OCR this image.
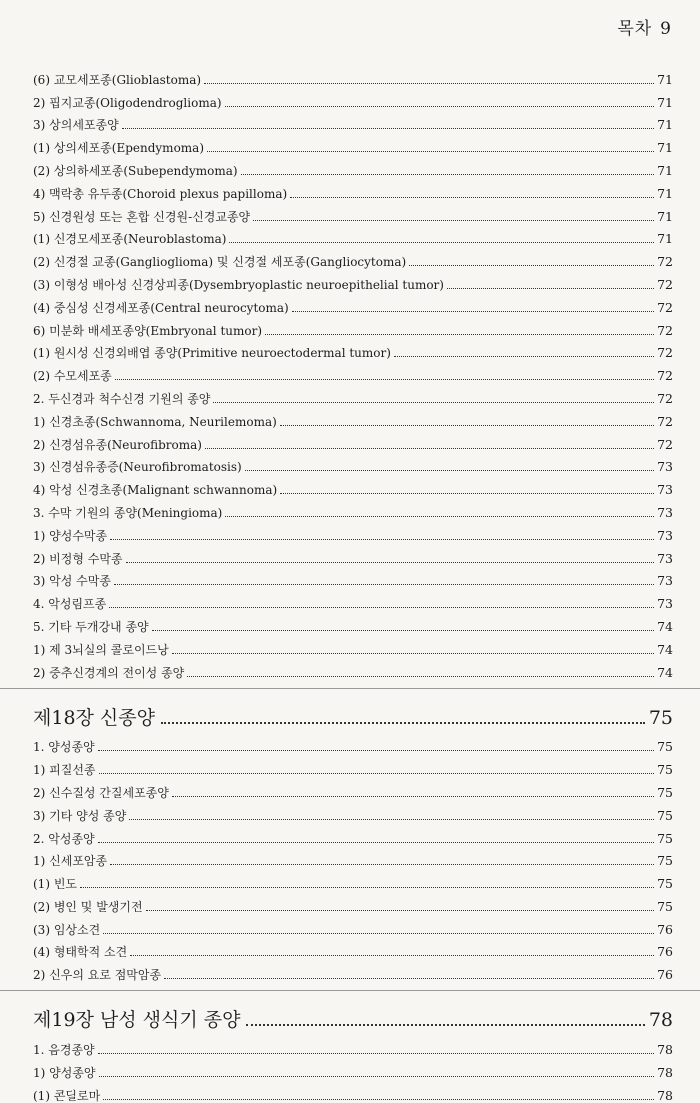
목차 9
(6) 교모세포종(Glioblastoma)	71
2) 핍지교종(Oligodendroglioma)	71
3) 상의세포종양	71
(1) 상의세포종(Ependymoma)	71
(2) 상의하세포종(Subependymoma)	71
4) 맥락총 유두종(Choroid plexus papilloma)	71
5) 신경원성 또는 혼합 신경원-신경교종양	71
(1) 신경모세포종(Neuroblastoma)	71
(2) 신경절 교종(Ganglioglioma) 및 신경절 세포종(Gangliocytoma)	72
(3) 이형성 배아성 신경상피종(Dysembryoplastic neuroepithelial tumor)	72
(4) 중심성 신경세포종(Central neurocytoma)	72
6) 미분화 배세포종양(Embryonal tumor)	72
(1) 원시성 신경외배엽 종양(Primitive neuroectodermal tumor)	72
(2) 수모세포종	72
2. 두신경과 척수신경 기원의 종양	72
1) 신경초종(Schwannoma, Neurilemoma)	72
2) 신경섬유종(Neurofibroma)	72
3) 신경섬유종증(Neurofibromatosis)	73
4) 악성 신경초종(Malignant schwannoma)	73
3. 수막 기원의 종양(Meningioma)	73
1) 양성수막종	73
2) 비정형 수막종	73
3) 악성 수막종	73
4. 악성림프종	73
5. 기타 두개강내 종양	74
1) 제 3뇌실의 콜로이드낭	74
2) 중추신경계의 전이성 종양	74
제18장 신종양	75
1. 양성종양	75
1) 피질선종	75
2) 신수질성 간질세포종양	75
3) 기타 양성 종양	75
2. 악성종양	75
1) 신세포암종	75
(1) 빈도	75
(2) 병인 및 발생기전	75
(3) 임상소견	76
(4) 형태학적 소견	76
2) 신우의 요로 점막암종	76
제19장 남성 생식기 종양	78
1. 음경종양	78
1) 양성종양	78
(1) 콘딜로마	78
